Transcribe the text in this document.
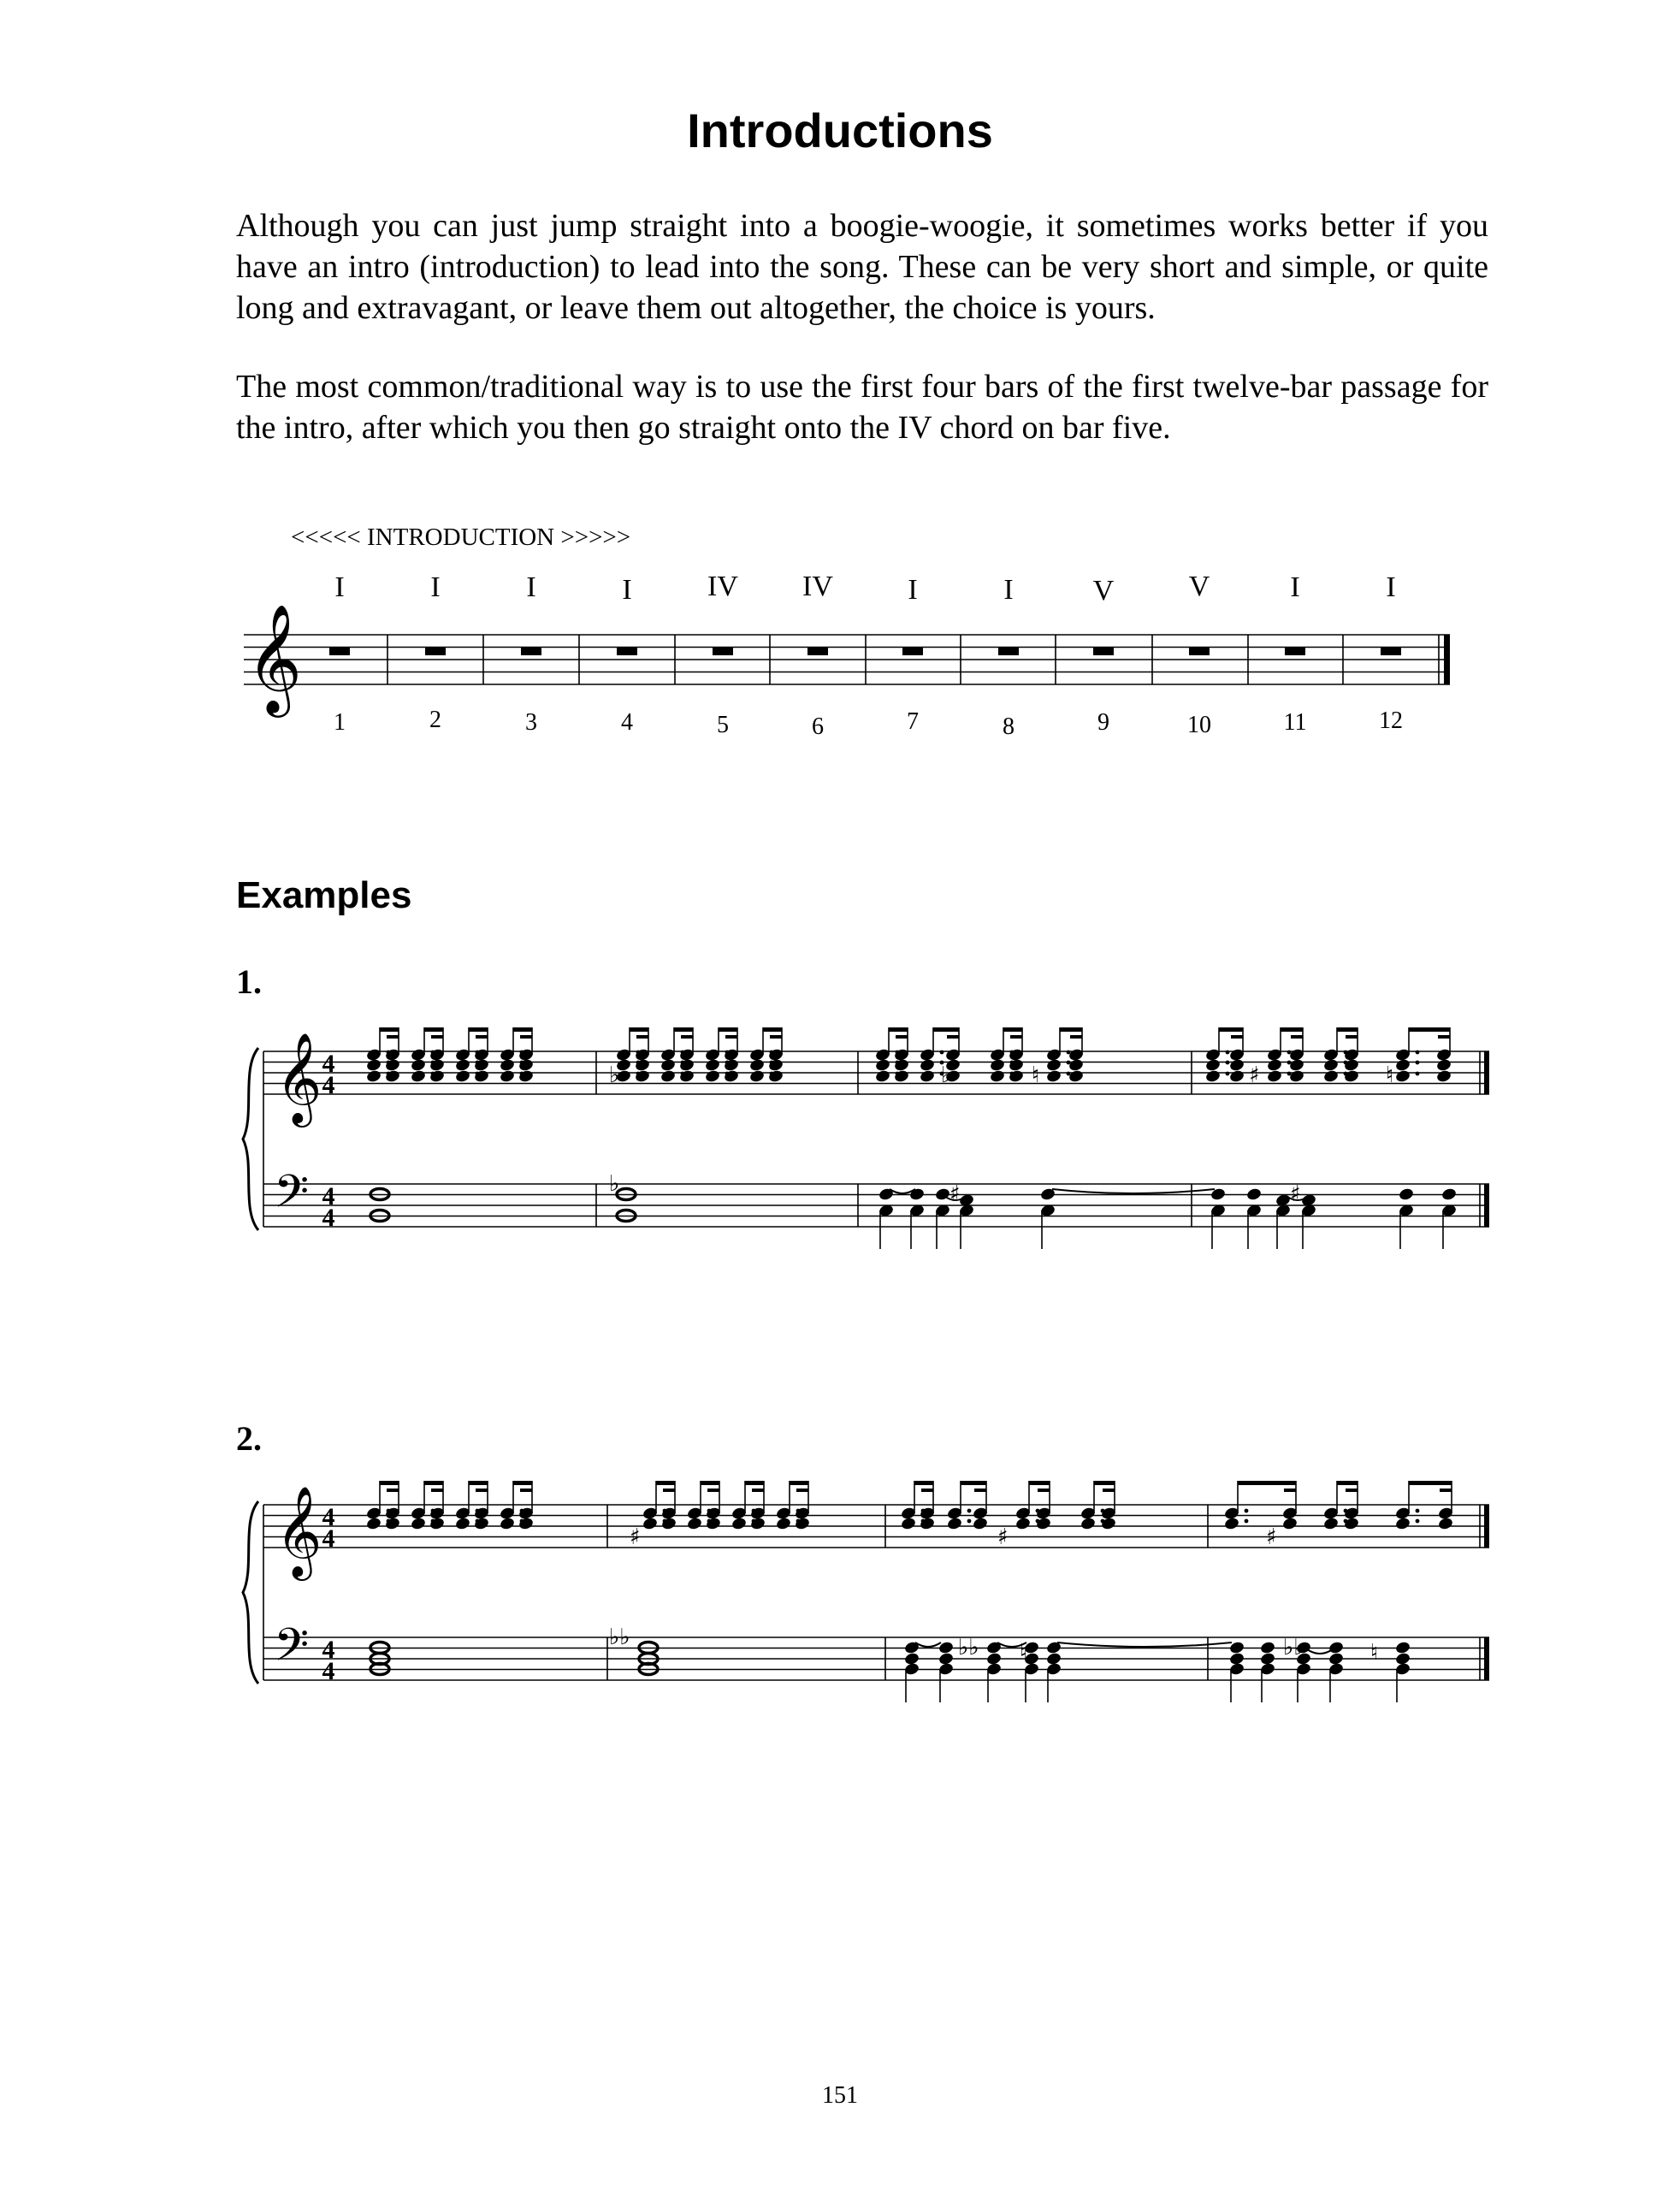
Introductions

Although you can just jump straight into a boogie-woogie, it sometimes works better if you have an intro (introduction) to lead into the song. These can be very short and simple, or quite long and extravagant, or leave them out altogether, the choice is yours.

The most common/traditional way is to use the first four bars of the first twelve-bar passage for the intro, after which you then go straight onto the IV chord on bar five.

<<<<< INTRODUCTION >>>>>
𝄞
I	I	I	I	IV IV	I	I	V	V	I	I
1	2	3	4	5	6	7	8	9	10	11	12
Examples
1.
2.
𝄞
𝄢
4
4
4
4
♭	♭	♮	♯	♮
♭	♯	♯
𝄞
𝄢
4
4
4
4
♯	♯	♯
♭♭	♭♭ ♮	♭♭	♮
151
